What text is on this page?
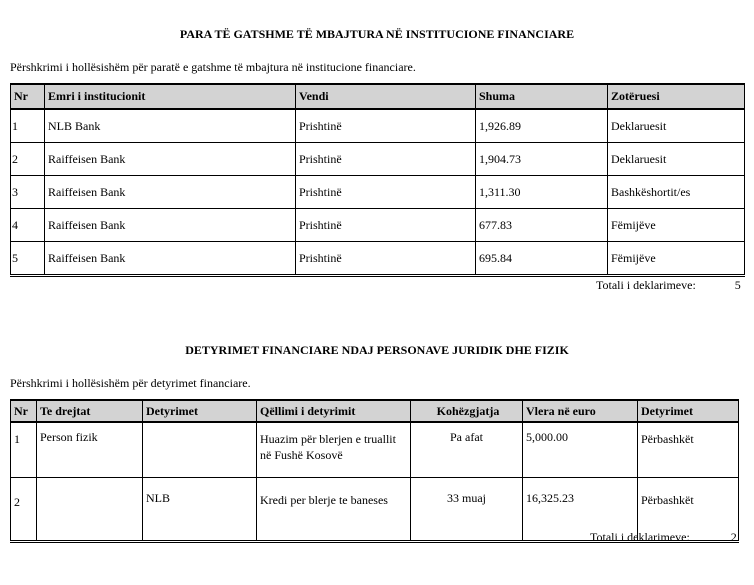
PARA TË GATSHME TË MBAJTURA NË INSTITUCIONE FINANCIARE
Përshkrimi i hollësishëm për paratë e gatshme të mbajtura në institucione financiare.
Nr	Emri i institucionit	Vendi	Shuma	Zotëruesi
1	NLB Bank	Prishtinë	1,926.89	Deklaruesit
2	Raiffeisen Bank	Prishtinë	1,904.73	Deklaruesit
3	Raiffeisen Bank	Prishtinë	1,311.30	Bashkëshortit/es
4	Raiffeisen Bank	Prishtinë	677.83	Fëmijëve
5	Raiffeisen Bank	Prishtinë	695.84	Fëmijëve
Totali i deklarimeve:	5
DETYRIMET FINANCIARE NDAJ PERSONAVE JURIDIK DHE FIZIK
Përshkrimi i hollësishëm për detyrimet financiare.
Nr	Te drejtat	Detyrimet	Qëllimi i detyrimit	Kohëzgjatja	Vlera në euro	Detyrimet
1	Person fizik		Huazim për blerjen e truallit në Fushë Kosovë	Pa afat	5,000.00	Përbashkët
2		NLB	Kredi per blerje te baneses	33 muaj	16,325.23	Përbashkët
Totali i deklarimeve:	2
